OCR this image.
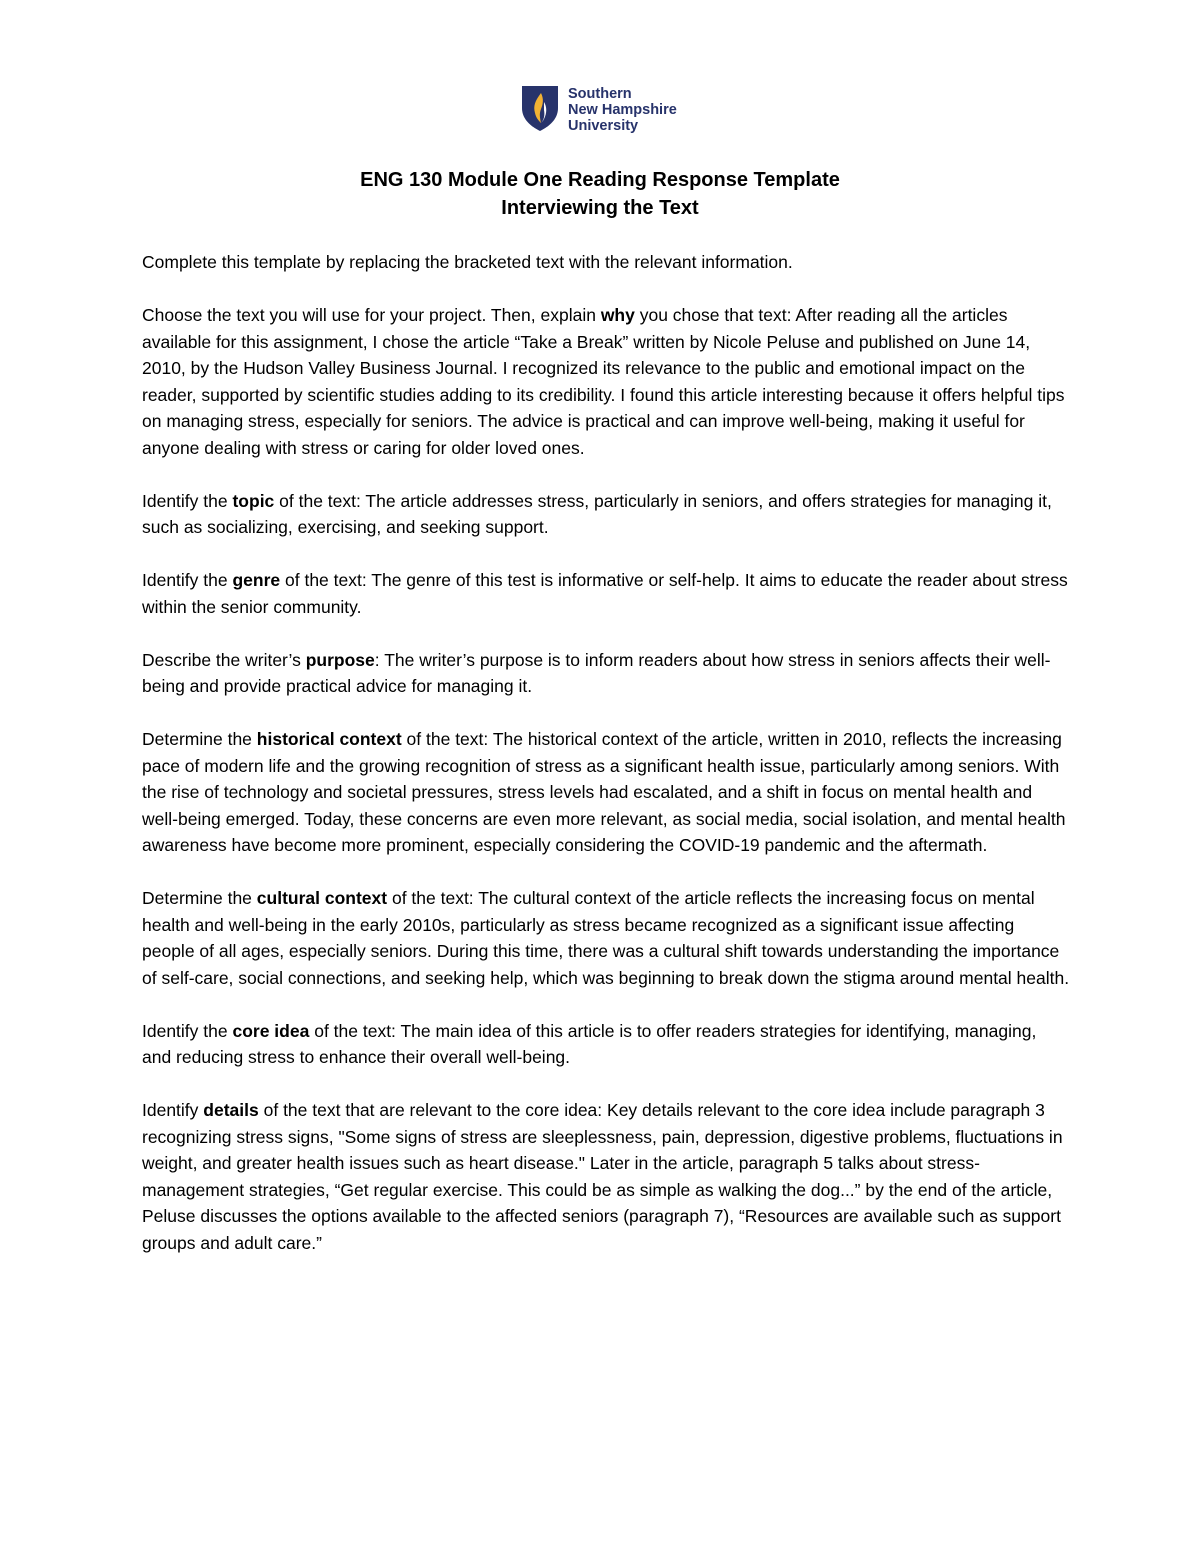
Southern
New Hampshire
University
ENG 130 Module One Reading Response Template
Interviewing the Text

Complete this template by replacing the bracketed text with the relevant information.

Choose the text you will use for your project. Then, explain why you chose that text: After reading all the articles available for this assignment, I chose the article “Take a Break” written by Nicole Peluse and published on June 14, 2010, by the Hudson Valley Business Journal. I recognized its relevance to the public and emotional impact on the reader, supported by scientific studies adding to its credibility. I found this article interesting because it offers helpful tips on managing stress, especially for seniors. The advice is practical and can improve well-being, making it useful for anyone dealing with stress or caring for older loved ones.

Identify the topic of the text: The article addresses stress, particularly in seniors, and offers strategies for managing it, such as socializing, exercising, and seeking support.

Identify the genre of the text: The genre of this test is informative or self-help. It aims to educate the reader about stress within the senior community.

Describe the writer’s purpose: The writer’s purpose is to inform readers about how stress in seniors affects their well-being and provide practical advice for managing it.

Determine the historical context of the text: The historical context of the article, written in 2010, reflects the increasing pace of modern life and the growing recognition of stress as a significant health issue, particularly among seniors. With the rise of technology and societal pressures, stress levels had escalated, and a shift in focus on mental health and well-being emerged. Today, these concerns are even more relevant, as social media, social isolation, and mental health awareness have become more prominent, especially considering the COVID-19 pandemic and the aftermath.

Determine the cultural context of the text: The cultural context of the article reflects the increasing focus on mental health and well-being in the early 2010s, particularly as stress became recognized as a significant issue affecting people of all ages, especially seniors. During this time, there was a cultural shift towards understanding the importance of self-care, social connections, and seeking help, which was beginning to break down the stigma around mental health.

Identify the core idea of the text: The main idea of this article is to offer readers strategies for identifying, managing, and reducing stress to enhance their overall well-being.

Identify details of the text that are relevant to the core idea: Key details relevant to the core idea include paragraph 3 recognizing stress signs, "Some signs of stress are sleeplessness, pain, depression, digestive problems, fluctuations in weight, and greater health issues such as heart disease." Later in the article, paragraph 5 talks about stress-management strategies, “Get regular exercise. This could be as simple as walking the dog...” by the end of the article, Peluse discusses the options available to the affected seniors (paragraph 7), “Resources are available such as support groups and adult care.”
